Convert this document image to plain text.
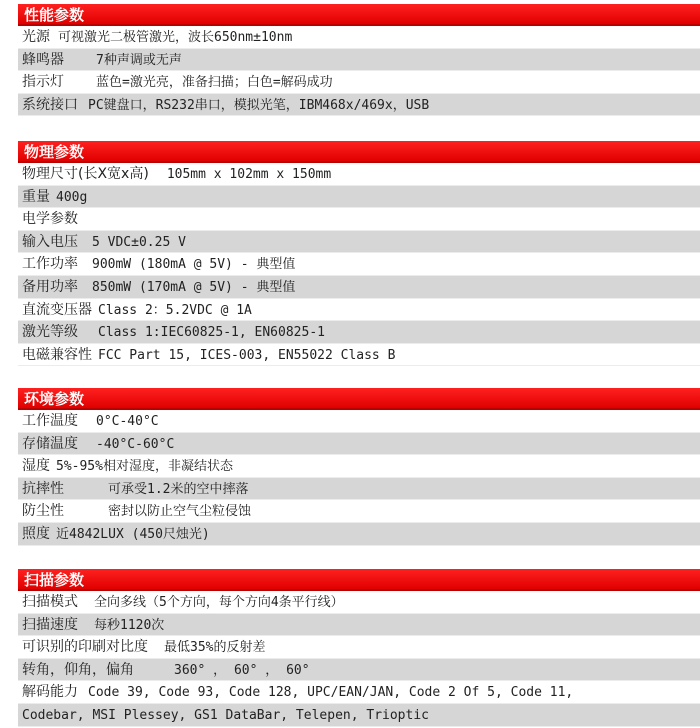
性能参数
光源 可视激光二极管激光，波长650nm±10nm
蜂鸣器 7种声调或无声
指示灯 蓝色=激光亮，准备扫描；白色=解码成功
系统接口 PC键盘口，RS232串口，模拟光笔，IBM468x/469x，USB
物理参数
物理尺寸(长X宽x高) 105mm x 102mm x 150mm
重量 400g
电学参数
输入电压 5 VDC±0.25 V
工作功率 900mW (180mA @ 5V) - 典型值
备用功率 850mW (170mA @ 5V) - 典型值
直流变压器 Class 2：5.2VDC @ 1A
激光等级 Class 1:IEC60825-1, EN60825-1
电磁兼容性 FCC Part 15, ICES-003, EN55022 Class B
环境参数
工作温度 0°C-40°C
存储温度 -40°C-60°C
湿度 5%-95%相对湿度，非凝结状态
抗摔性	可承受1.2米的空中摔落
防尘性	密封以防止空气尘粒侵蚀
照度 近4842LUX (450尺烛光)
扫描参数
扫描模式 全向多线（5个方向，每个方向4条平行线）
扫描速度 每秒1120次
可识别的印刷对比度 最低35%的反射差
转角，仰角，偏角	360° ， 60° ， 60°
解码能力 Code 39, Code 93, Code 128, UPC/EAN/JAN, Code 2 Of 5, Code 11,
Codebar, MSI Plessey, GS1 DataBar, Telepen, Trioptic
